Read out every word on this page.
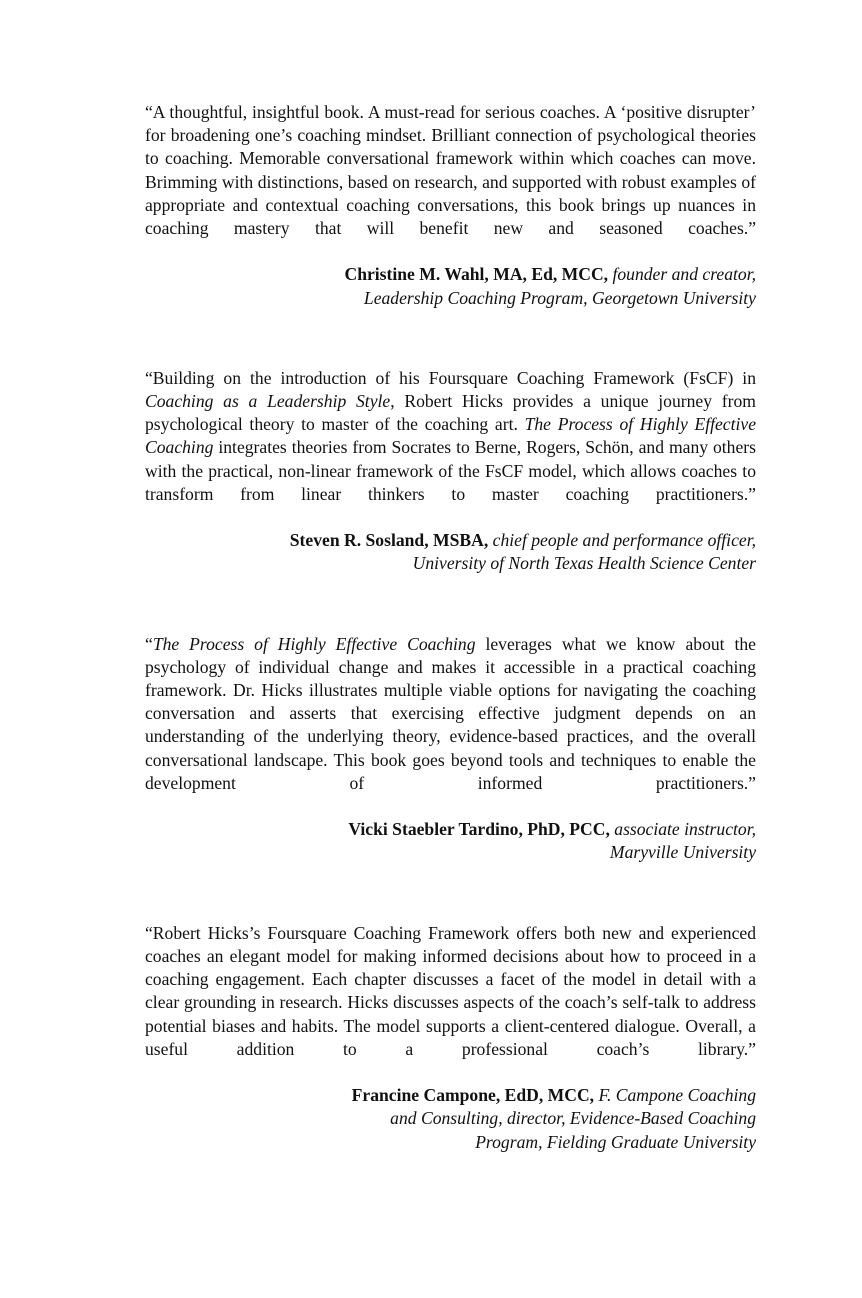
“A thoughtful, insightful book. A must-read for serious coaches. A ‘positive disrupter’ for broadening one’s coaching mindset. Brilliant connection of psychological theories to coaching. Memorable conversational framework within which coaches can move. Brimming with distinctions, based on research, and supported with robust examples of appropriate and contextual coaching conversations, this book brings up nuances in coaching mastery that will benefit new and seasoned coaches.”

Christine M. Wahl, MA, Ed, MCC, founder and creator,
Leadership Coaching Program, Georgetown University

“Building on the introduction of his Foursquare Coaching Framework (FsCF) in Coaching as a Leadership Style, Robert Hicks provides a unique journey from psychological theory to master of the coaching art. The Process of Highly Effective Coaching integrates theories from Socrates to Berne, Rogers, Schön, and many others with the practical, non-linear framework of the FsCF model, which allows coaches to transform from linear thinkers to master coaching practitioners.”

Steven R. Sosland, MSBA, chief people and performance officer,
University of North Texas Health Science Center

“The Process of Highly Effective Coaching leverages what we know about the psychology of individual change and makes it accessible in a practical coaching framework. Dr. Hicks illustrates multiple viable options for navigating the coaching conversation and asserts that exercising effective judgment depends on an understanding of the underlying theory, evidence-based practices, and the overall conversational landscape. This book goes beyond tools and techniques to enable the development of informed practitioners.”

Vicki Staebler Tardino, PhD, PCC, associate instructor,
Maryville University

“Robert Hicks’s Foursquare Coaching Framework offers both new and experienced coaches an elegant model for making informed decisions about how to proceed in a coaching engagement. Each chapter discusses a facet of the model in detail with a clear grounding in research. Hicks discusses aspects of the coach’s self-talk to address potential biases and habits. The model supports a client-centered dialogue. Overall, a useful addition to a professional coach’s library.”

Francine Campone, EdD, MCC, F. Campone Coaching
and Consulting, director, Evidence-Based Coaching
Program, Fielding Graduate University
